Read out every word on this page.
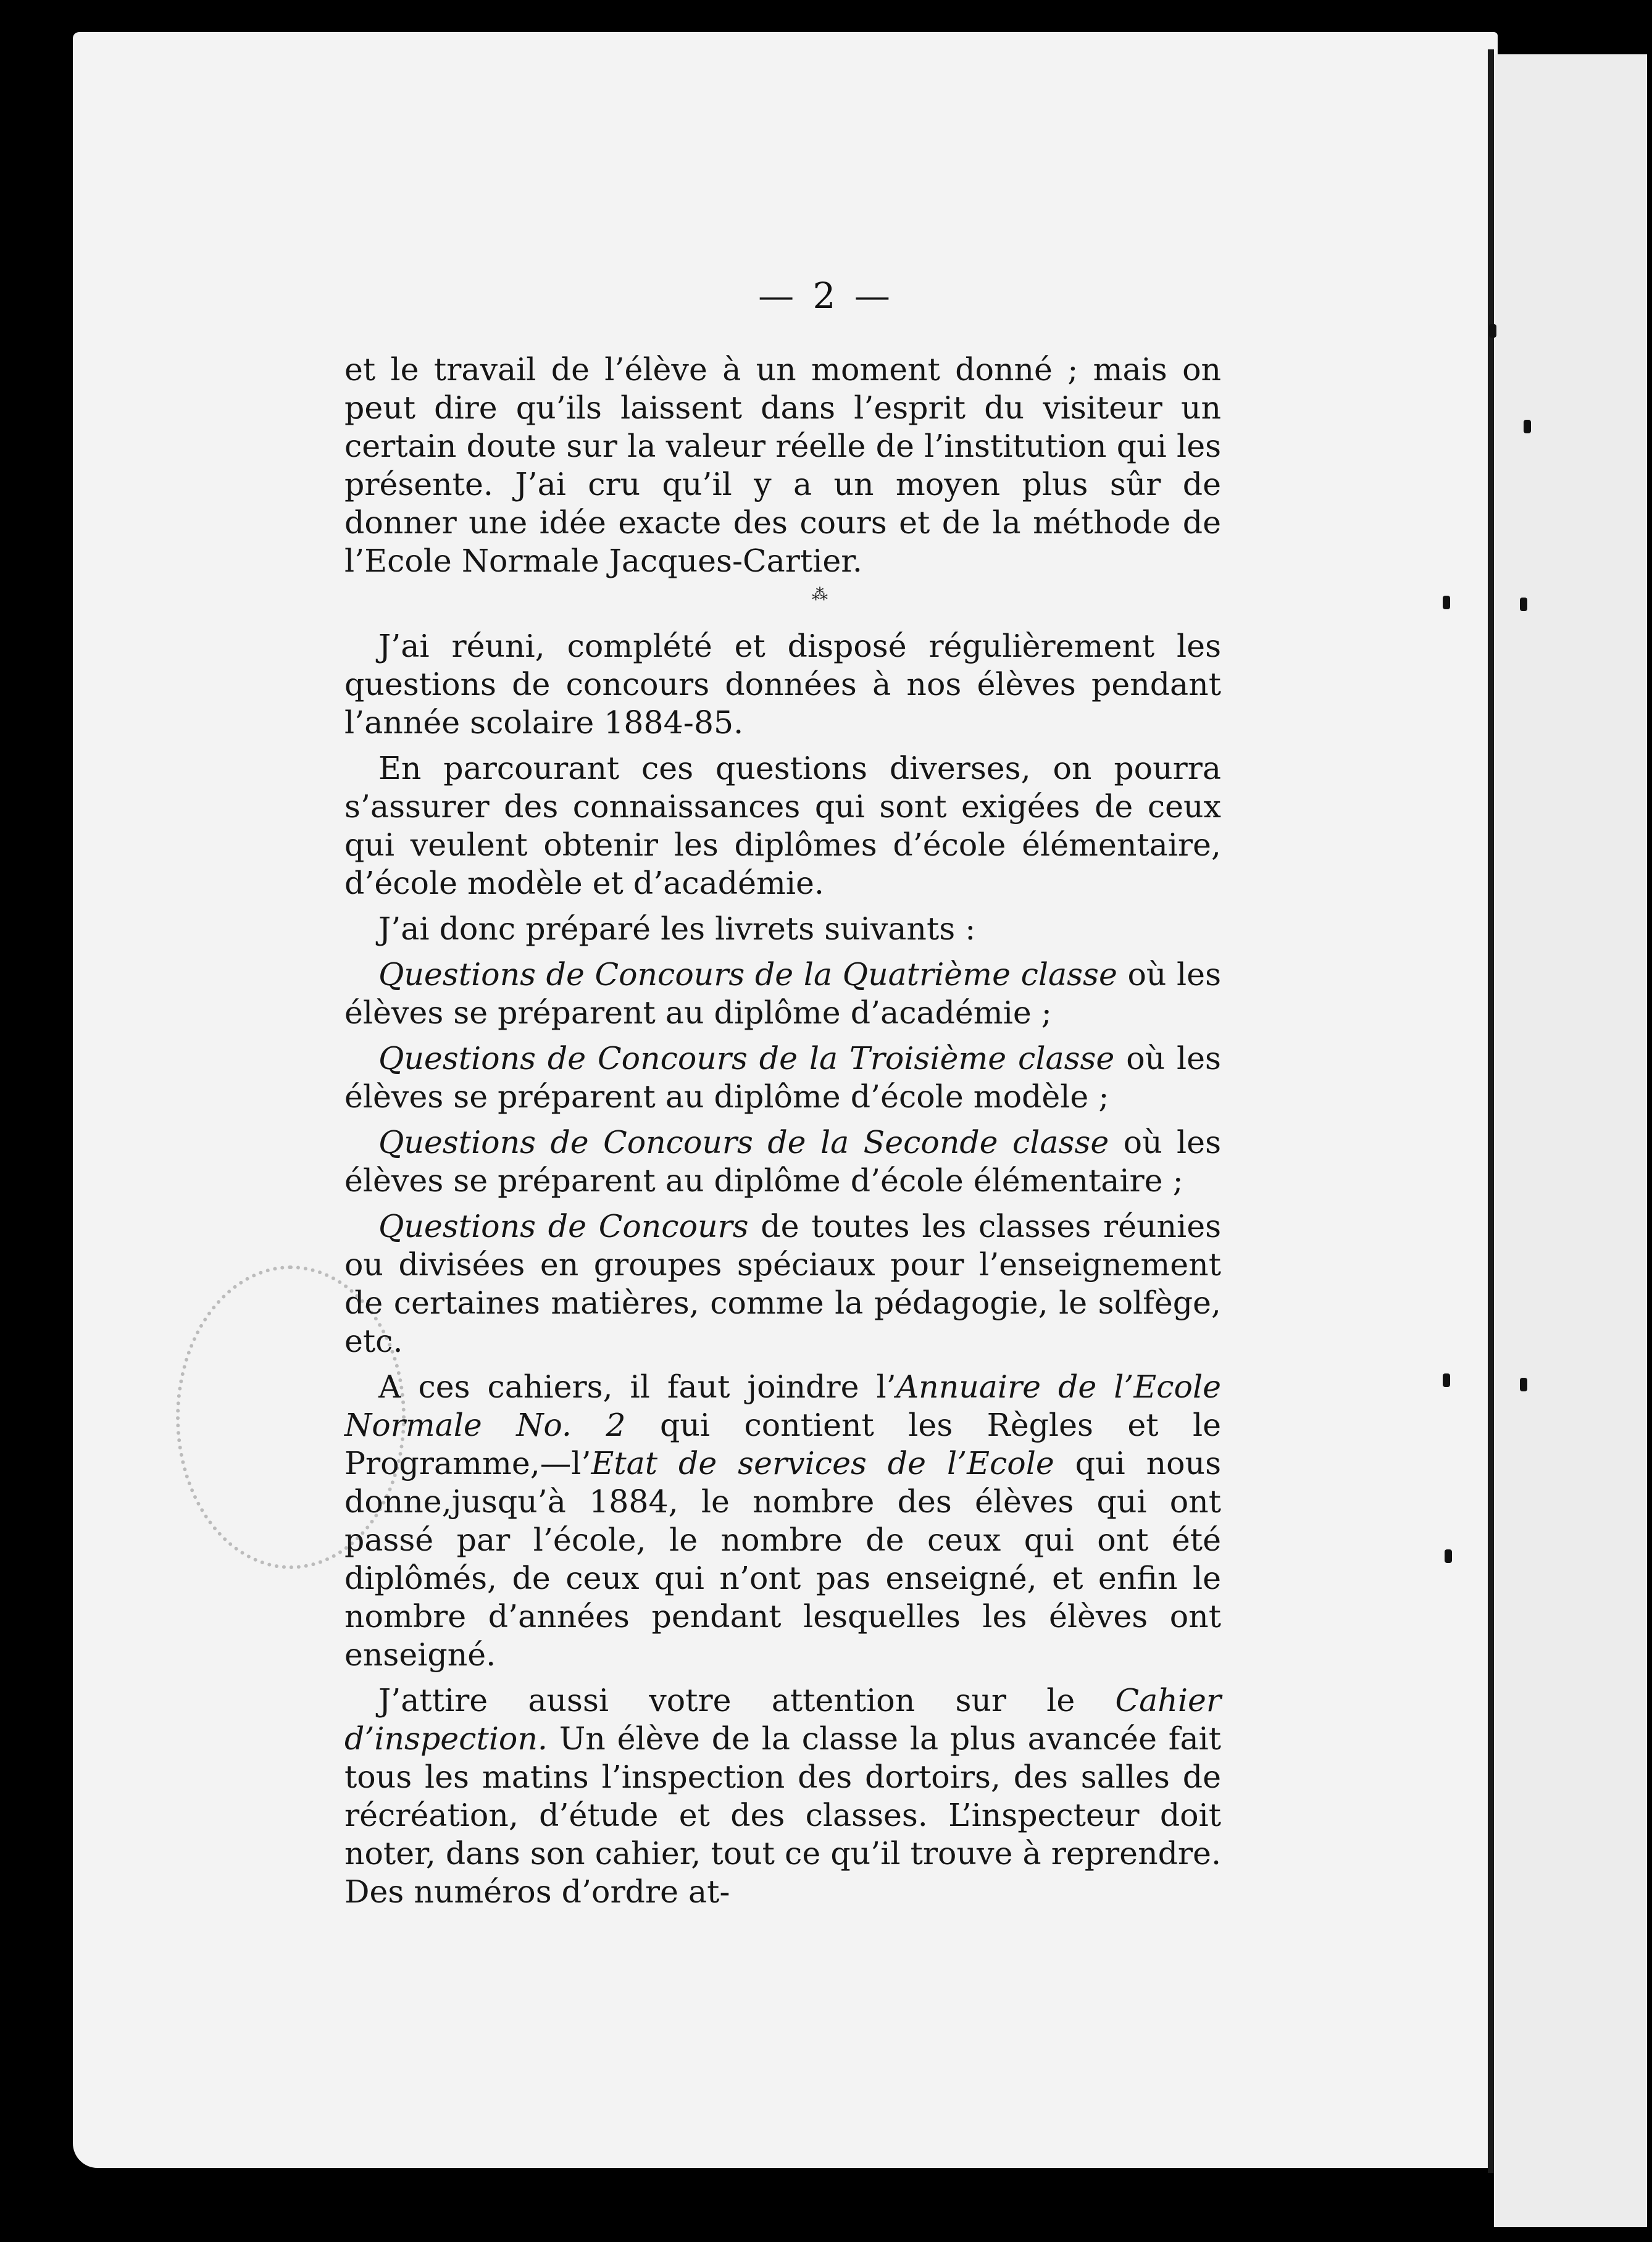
— 2 —

et le travail de l’élève à un moment donné ; mais on peut dire qu’ils laissent dans l’esprit du visiteur un certain doute sur la valeur réelle de l’institution qui les présente. J’ai cru qu’il y a un moyen plus sûr de donner une idée exacte des cours et de la méthode de l’Ecole Normale Jacques-Cartier.

⁂

J’ai réuni, complété et disposé régulièrement les questions de concours données à nos élèves pendant l’année scolaire 1884-85.

En parcourant ces questions diverses, on pourra s’assurer des connaissances qui sont exigées de ceux qui veulent obtenir les diplômes d’école élémentaire, d’école modèle et d’académie.

J’ai donc préparé les livrets suivants :

Questions de Concours de la Quatrième classe où les élèves se préparent au diplôme d’académie ;

Questions de Concours de la Troisième classe où les élèves se préparent au diplôme d’école modèle ;

Questions de Concours de la Seconde classe où les élèves se préparent au diplôme d’école élémentaire ;

Questions de Concours de toutes les classes réunies ou divisées en groupes spéciaux pour l’enseignement de certaines matières, comme la pédagogie, le solfège, etc.

A ces cahiers, il faut joindre l’Annuaire de l’Ecole Normale No. 2 qui contient les Règles et le Programme,—l’Etat de services de l’Ecole qui nous donne,jusqu’à 1884, le nombre des élèves qui ont passé par l’école, le nombre de ceux qui ont été diplômés, de ceux qui n’ont pas enseigné, et enfin le nombre d’années pendant lesquelles les élèves ont enseigné.

J’attire aussi votre attention sur le Cahier d’inspection. Un élève de la classe la plus avancée fait tous les matins l’inspection des dortoirs, des salles de récréation, d’étude et des classes. L’inspecteur doit noter, dans son cahier, tout ce qu’il trouve à reprendre. Des numéros d’ordre at-
